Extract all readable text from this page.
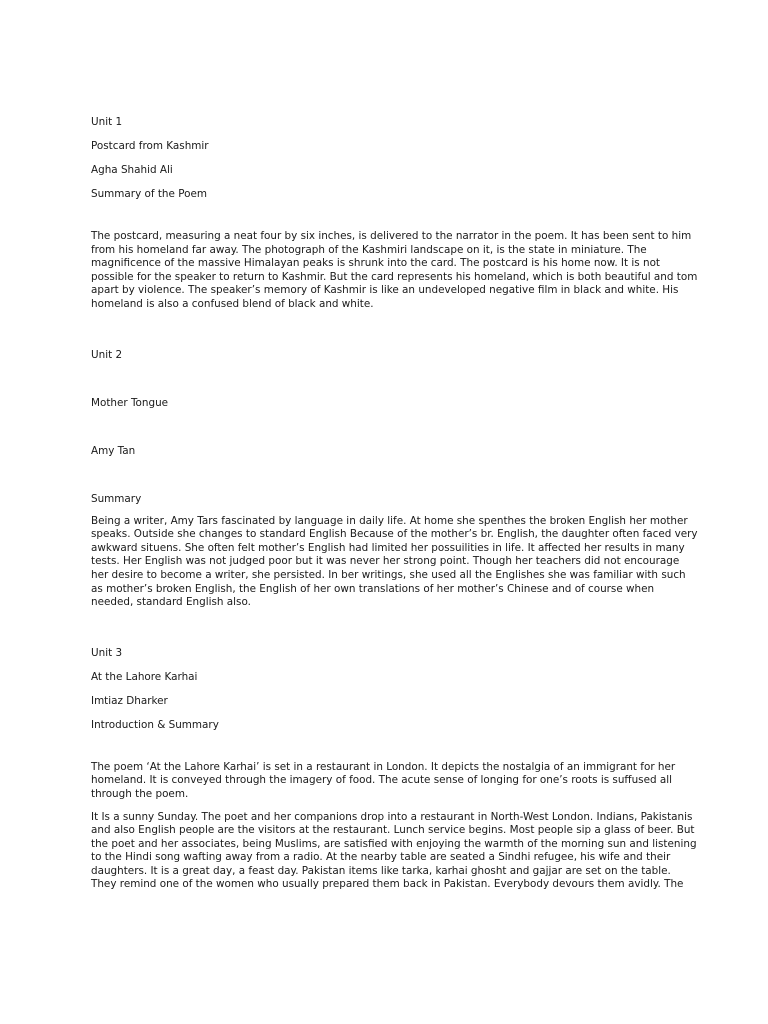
Unit 1

Postcard from Kashmir

Agha Shahid Ali

Summary of the Poem

The postcard, measuring a neat four by six inches, is delivered to the narrator in the poem. It has been sent to him
from his homeland far away. The photograph of the Kashmiri landscape on it, is the state in miniature. The
magnificence of the massive Himalayan peaks is shrunk into the card. The postcard is his home now. It is not
possible for the speaker to return to Kashmir. But the card represents his homeland, which is both beautiful and tom
apart by violence. The speaker’s memory of Kashmir is like an undeveloped negative film in black and white. His
homeland is also a confused blend of black and white.

Unit 2

Mother Tongue

Amy Tan

Summary

Being a writer, Amy Tars fascinated by language in daily life. At home she spenthes the broken English her mother
speaks. Outside she changes to standard English Because of the mother’s br. English, the daughter often faced very
awkward situens. She often felt mother’s English had limited her possuilities in life. It affected her results in many
tests. Her English was not judged poor but it was never her strong point. Though her teachers did not encourage
her desire to become a writer, she persisted. In ber writings, she used all the Englishes she was familiar with such
as mother’s broken English, the English of her own translations of her mother’s Chinese and of course when
needed, standard English also.

Unit 3

At the Lahore Karhai

Imtiaz Dharker

Introduction & Summary

The poem ‘At the Lahore Karhai’ is set in a restaurant in London. It depicts the nostalgia of an immigrant for her
homeland. It is conveyed through the imagery of food. The acute sense of longing for one’s roots is suffused all
through the poem.

It Is a sunny Sunday. The poet and her companions drop into a restaurant in North-West London. Indians, Pakistanis
and also English people are the visitors at the restaurant. Lunch service begins. Most people sip a glass of beer. But
the poet and her associates, being Muslims, are satisfied with enjoying the warmth of the morning sun and listening
to the Hindi song wafting away from a radio. At the nearby table are seated a Sindhi refugee, his wife and their
daughters. It is a great day, a feast day. Pakistan items like tarka, karhai ghosht and gajjar are set on the table.
They remind one of the women who usually prepared them back in Pakistan. Everybody devours them avidly. The
